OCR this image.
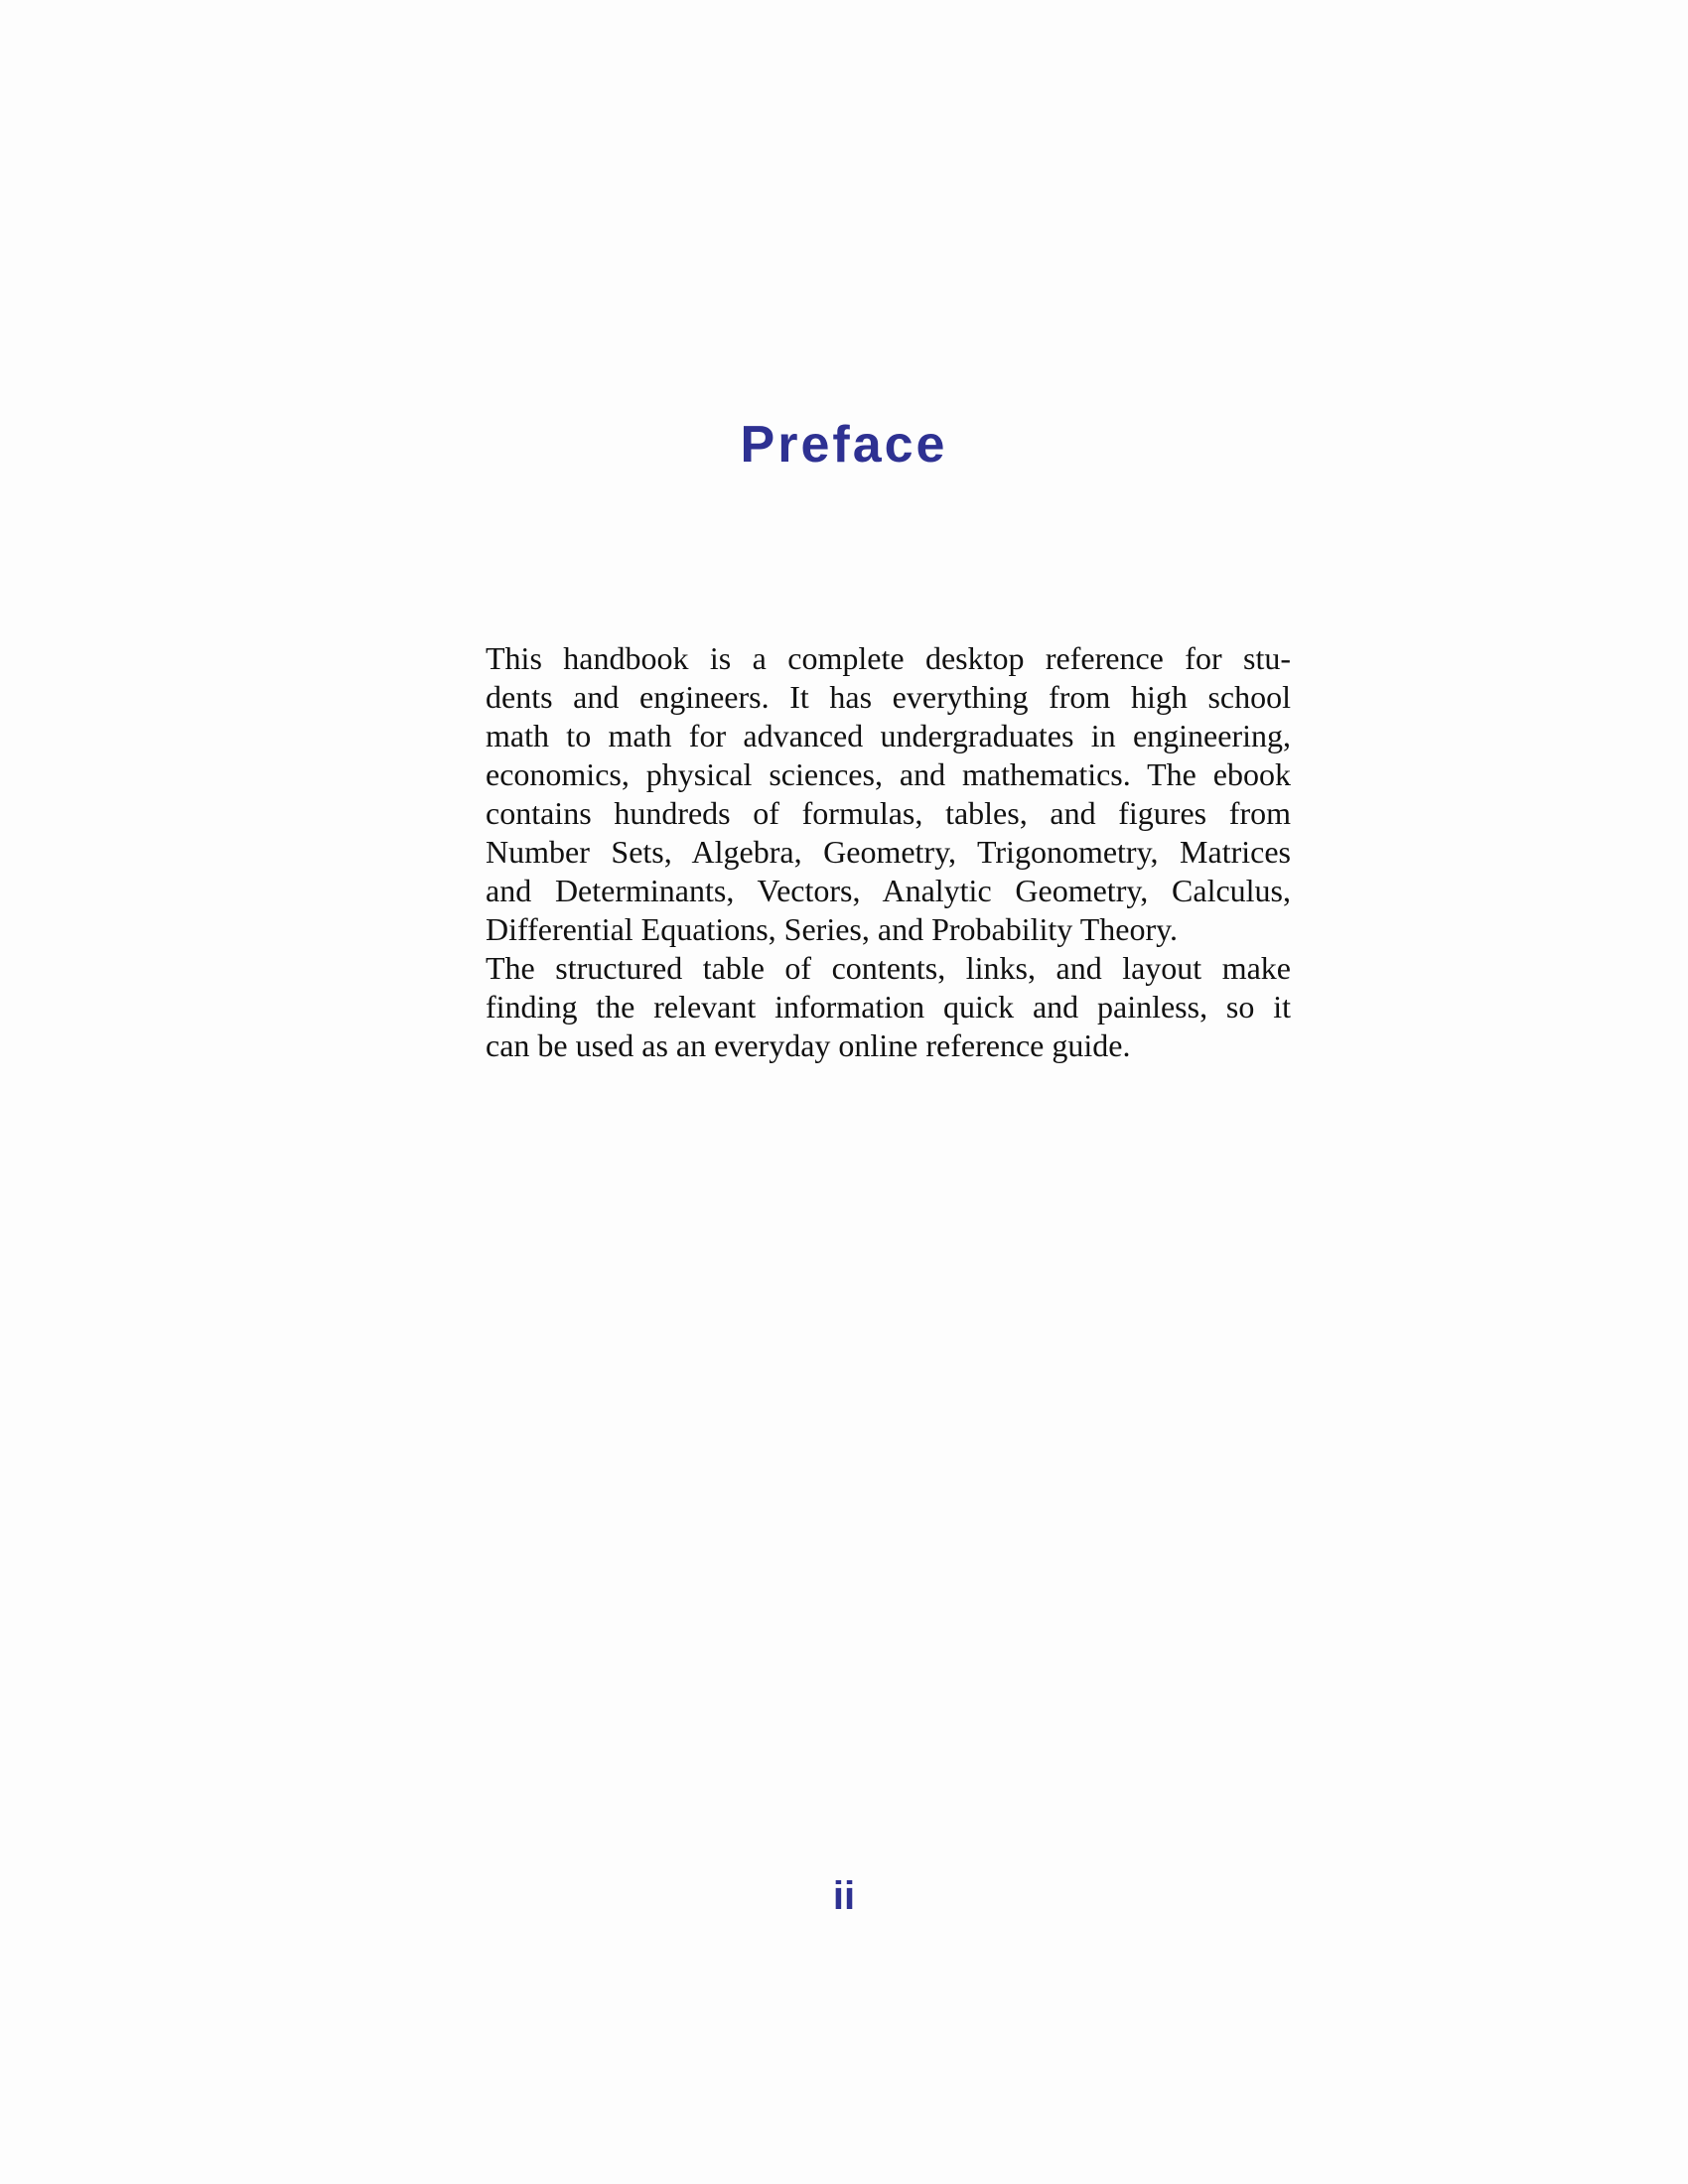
Preface
This handbook is a complete desktop reference for stu-
dents and engineers. It has everything from high school
math to math for advanced undergraduates in engineering,
economics, physical sciences, and mathematics. The ebook
contains hundreds of formulas, tables, and figures from
Number Sets, Algebra, Geometry, Trigonometry, Matrices
and Determinants, Vectors, Analytic Geometry, Calculus,
Differential Equations, Series, and Probability Theory.
The structured table of contents, links, and layout make
finding the relevant information quick and painless, so it
can be used as an everyday online reference guide.
ii
